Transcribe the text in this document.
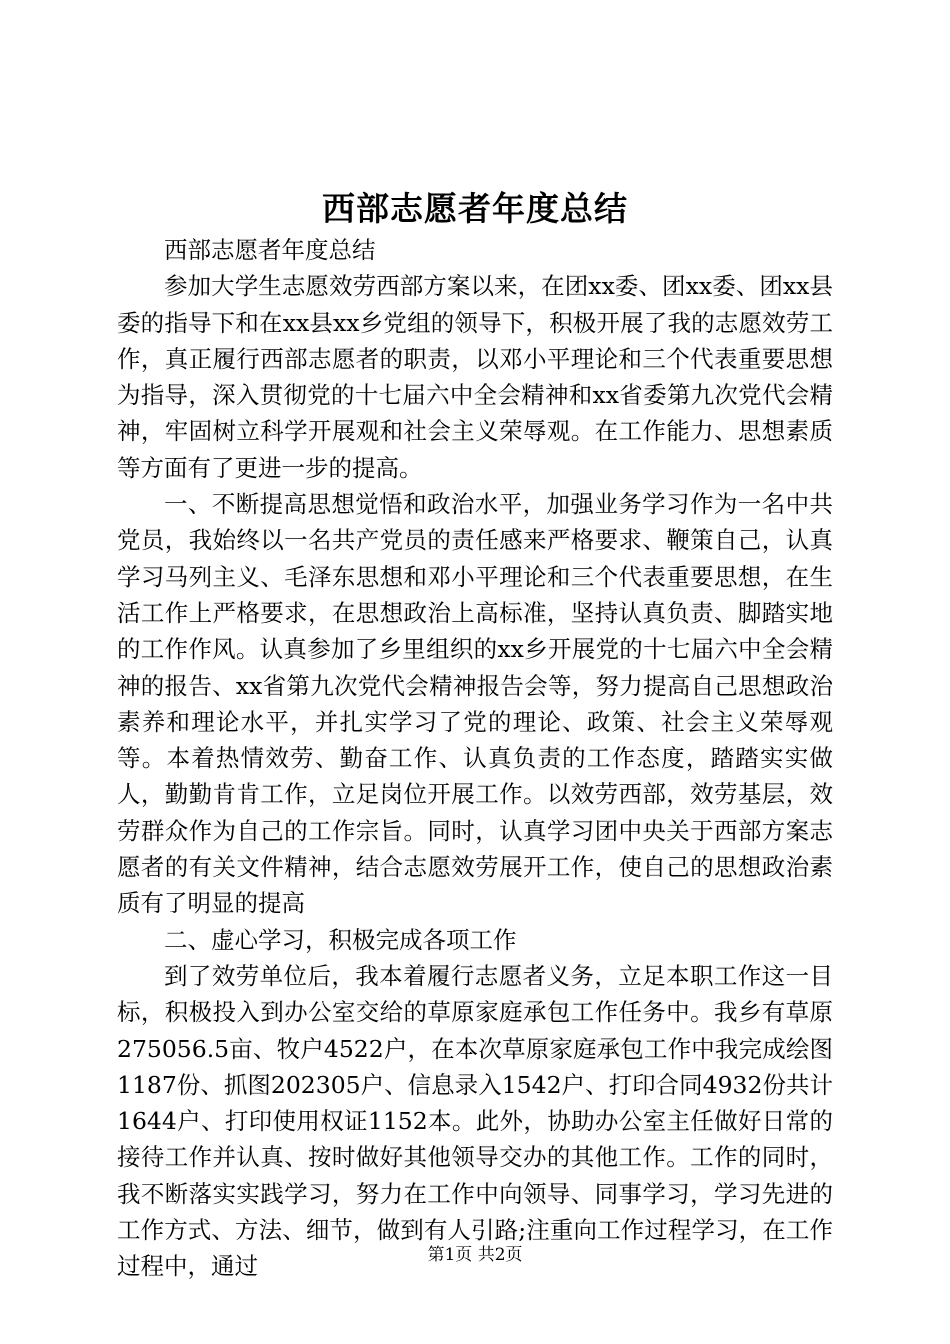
西部志愿者年度总结

西部志愿者年度总结

参加大学生志愿效劳西部方案以来，在团xx委、团xx委、团xx县委的指导下和在xx县xx乡党组的领导下，积极开展了我的志愿效劳工作，真正履行西部志愿者的职责，以邓小平理论和三个代表重要思想为指导，深入贯彻党的十七届六中全会精神和xx省委第九次党代会精神，牢固树立科学开展观和社会主义荣辱观。在工作能力、思想素质等方面有了更进一步的提高。

一、不断提高思想觉悟和政治水平，加强业务学习作为一名中共党员，我始终以一名共产党员的责任感来严格要求、鞭策自己，认真学习马列主义、毛泽东思想和邓小平理论和三个代表重要思想，在生活工作上严格要求，在思想政治上高标准，坚持认真负责、脚踏实地的工作作风。认真参加了乡里组织的xx乡开展党的十七届六中全会精神的报告、xx省第九次党代会精神报告会等，努力提高自己思想政治素养和理论水平，并扎实学习了党的理论、政策、社会主义荣辱观等。本着热情效劳、勤奋工作、认真负责的工作态度，踏踏实实做人，勤勤肯肯工作，立足岗位开展工作。以效劳西部，效劳基层，效劳群众作为自己的工作宗旨。同时，认真学习团中央关于西部方案志愿者的有关文件精神，结合志愿效劳展开工作，使自己的思想政治素质有了明显的提高

二、虚心学习，积极完成各项工作

到了效劳单位后，我本着履行志愿者义务，立足本职工作这一目标，积极投入到办公室交给的草原家庭承包工作任务中。我乡有草原275056.5亩、牧户4522户，在本次草原家庭承包工作中我完成绘图1187份、抓图202305户、信息录入1542户、打印合同4932份共计1644户、打印使用权证1152本。此外，协助办公室主任做好日常的接待工作并认真、按时做好其他领导交办的其他工作。工作的同时，我不断落实实践学习，努力在工作中向领导、同事学习，学习先进的工作方式、方法、细节，做到有人引路;注重向工作过程学习，在工作过程中，通过	第1页 共2页
